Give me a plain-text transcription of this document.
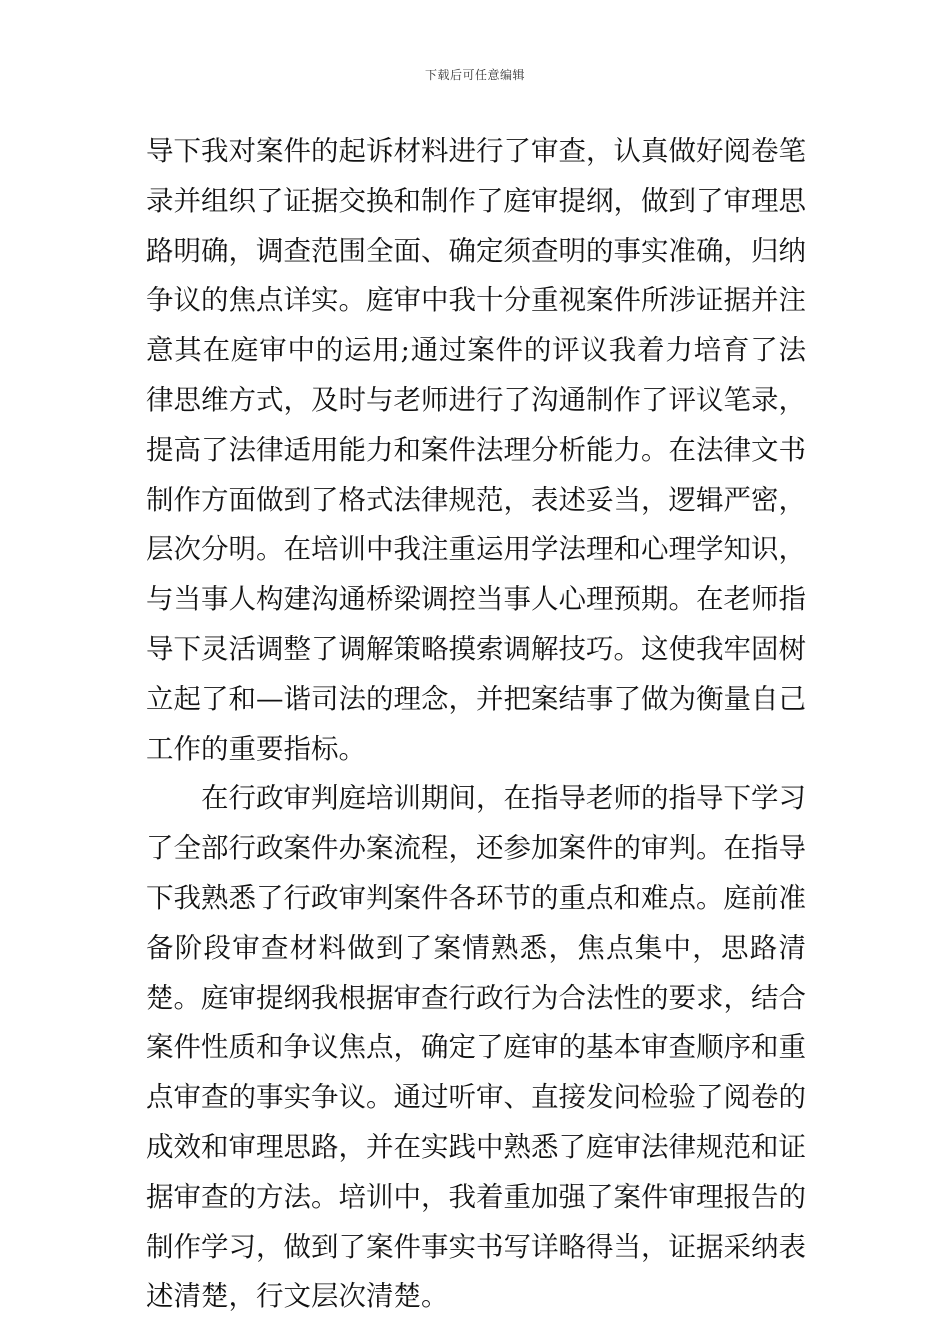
下载后可任意编辑

导下我对案件的起诉材料进行了审查，认真做好阅卷笔录并组织了证据交换和制作了庭审提纲，做到了审理思路明确，调查范围全面、确定须查明的事实准确，归纳争议的焦点详实。庭审中我十分重视案件所涉证据并注意其在庭审中的运用;通过案件的评议我着力培育了法律思维方式，及时与老师进行了沟通制作了评议笔录，提高了法律适用能力和案件法理分析能力。在法律文书制作方面做到了格式法律规范，表述妥当，逻辑严密，层次分明。在培训中我注重运用学法理和心理学知识，与当事人构建沟通桥梁调控当事人心理预期。在老师指导下灵活调整了调解策略摸索调解技巧。这使我牢固树立起了和—谐司法的理念，并把案结事了做为衡量自己工作的重要指标。

在行政审判庭培训期间，在指导老师的指导下学习了全部行政案件办案流程，还参加案件的审判。在指导下我熟悉了行政审判案件各环节的重点和难点。庭前准备阶段审查材料做到了案情熟悉，焦点集中，思路清楚。庭审提纲我根据审查行政行为合法性的要求，结合案件性质和争议焦点，确定了庭审的基本审查顺序和重点审查的事实争议。通过听审、直接发问检验了阅卷的成效和审理思路，并在实践中熟悉了庭审法律规范和证据审查的方法。培训中，我着重加强了案件审理报告的制作学习，做到了案件事实书写详略得当，证据采纳表述清楚，行文层次清楚。
